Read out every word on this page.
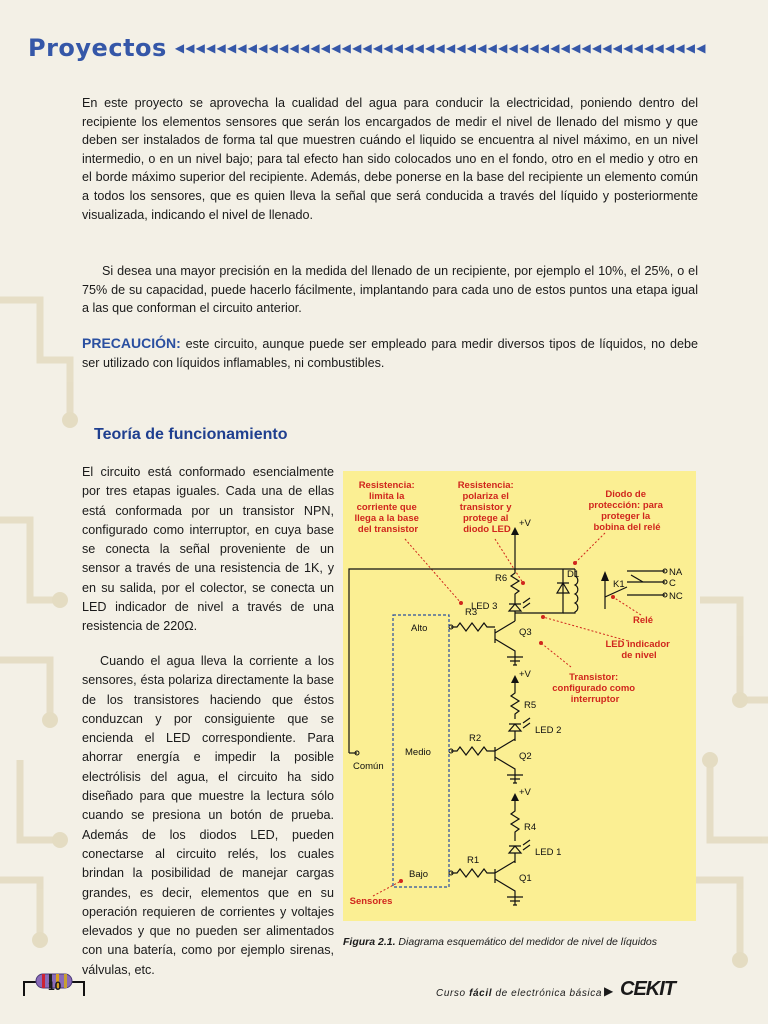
Proyectos ◀◀◀◀◀◀◀◀◀◀◀◀◀◀◀◀◀◀◀◀◀◀◀◀◀◀◀◀◀◀◀◀◀◀◀◀◀◀◀◀◀◀◀◀◀◀◀◀◀◀◀

En este proyecto se aprovecha la cualidad del agua para conducir la electricidad, poniendo dentro del recipiente los elementos sensores que serán los encargados de medir el nivel de llenado del mismo y que deben ser instalados de forma tal que muestren cuándo el liquido se encuentra al nivel máximo, en un nivel intermedio, o en un nivel bajo; para tal efecto han sido colocados uno en el fondo, otro en el medio y otro en el borde máximo superior del recipiente. Además, debe ponerse en la base del recipiente un elemento común a todos los sensores, que es quien lleva la señal que será conducida a través del líquido y posteriormente visualizada, indicando el nivel de llenado.

Si desea una mayor precisión en la medida del llenado de un recipiente, por ejemplo el 10%, el 25%, o el 75% de su capacidad, puede hacerlo fácilmente, implantando para cada uno de estos puntos una etapa igual a las que conforman el circuito anterior.

PRECAUCIÓN: este circuito, aunque puede ser empleado para medir diversos tipos de líquidos, no debe ser utilizado con líquidos inflamables, ni combustibles.

Teoría de funcionamiento

El circuito está conformado esencialmente por tres etapas iguales. Cada una de ellas está conformada por un transistor NPN, configurado como interruptor, en cuya base se conecta la señal proveniente de un sensor a través de una resistencia de 1K, y en su salida, por el colector, se conecta un LED indicador de nivel a través de una resistencia de 220Ω.

Cuando el agua lleva la corriente a los sensores, ésta polariza directamente la base de los transistores haciendo que éstos conduzcan y por consiguiente que se encienda el LED correspondiente. Para ahorrar energía e impedir la posible electrólisis del agua, el circuito ha sido diseñado para que muestre la lectura sólo cuando se presiona un botón de prueba. Además de los diodos LED, pueden conectarse al circuito relés, los cuales brindan la posibilidad de manejar cargas grandes, es decir, elementos que en su operación requieren de corrientes y voltajes elevados y que no pueden ser alimentados con una batería, como por ejemplo sirenas, válvulas, etc.

Resistencia: limita la corriente que llega a la base del transistor
Resistencia: polariza el transistor y protege al diodo LED
Diodo de protección: para proteger la bobina del relé
LED indicador de nivel
Transistor: configurado como interruptor
Relé
Sensores
Alto
Medio
Bajo
Común
+V
+V
+V
R3
R2
R1
R6
R5
R4
Q3
Q2
Q1
LED 3
LED 2
LED 1
D1
K1
NA
C
NC
Figura 2.1. Diagrama esquemático del medidor de nivel de líquidos
10
Curso fácil de electrónica básica ▶ CEKIT
